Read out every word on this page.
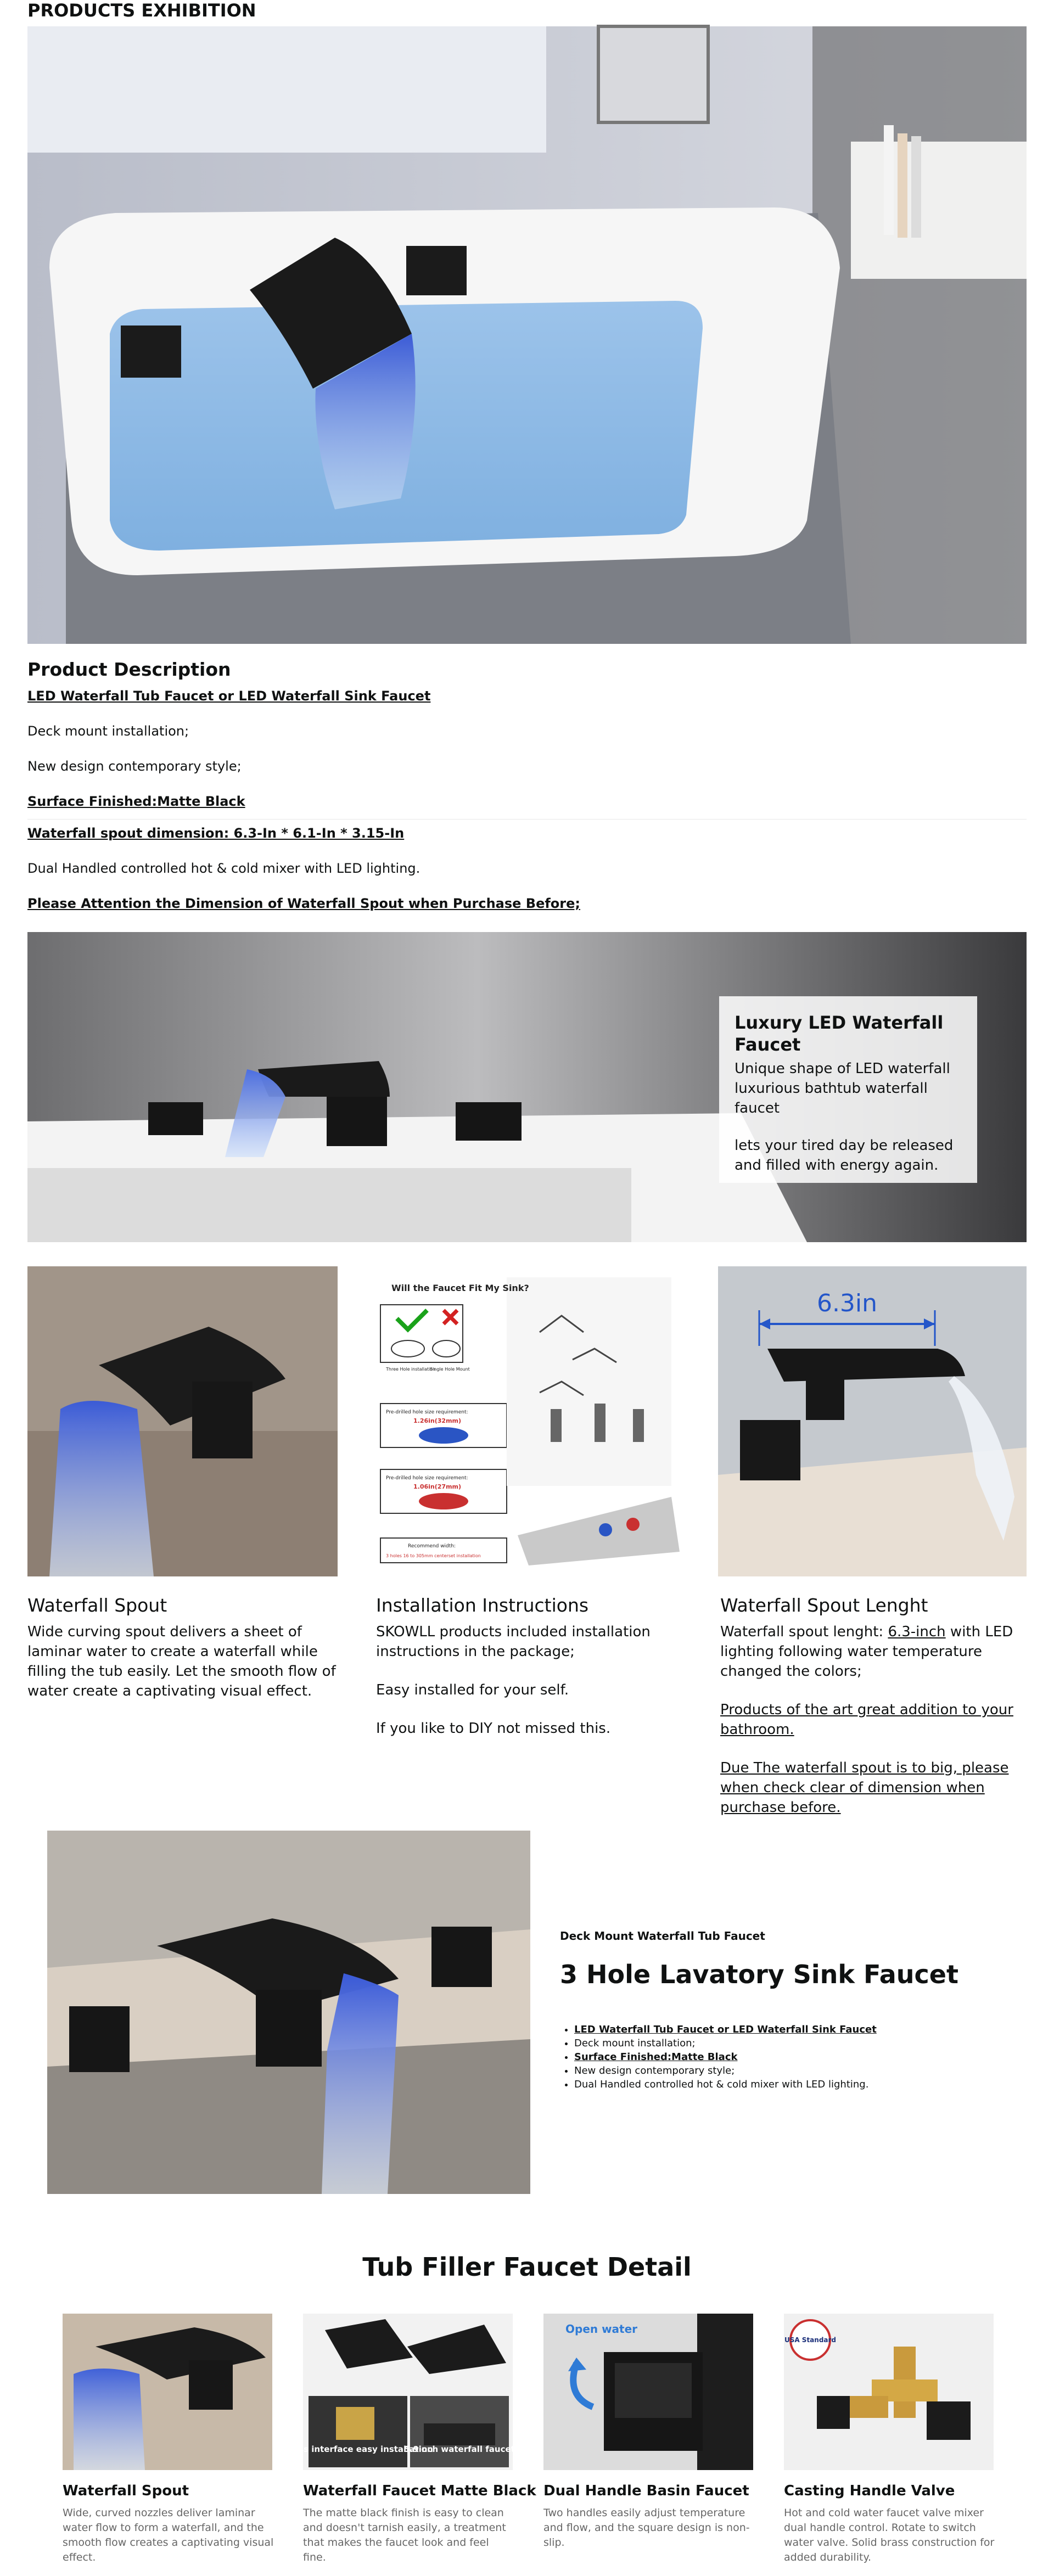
PRODUCTS EXHIBITION
Product Description

LED Waterfall Tub Faucet or LED Waterfall Sink Faucet

Deck mount installation;

New design contemporary style;

Surface Finished:Matte Black

Waterfall spout dimension: 6.3-In * 6.1-In * 3.15-In

Dual Handled controlled hot & cold mixer with LED lighting.

Please Attention the Dimension of Waterfall Spout when Purchase Before;

Luxury LED Waterfall Faucet

Unique shape of LED waterfall luxurious bathtub waterfall faucet

lets your tired day be released and filled with energy again.

Will the Faucet Fit My Sink?
Three Hole installation
Single Hole Mount
Pre-drilled hole size requirement:
1.26in(32mm)
Pre-drilled hole size requirement:
1.06in(27mm)
Recommend width:
3 holes 16 to 305mm centerset installation
6.3in
Waterfall Spout

Wide curving spout delivers a sheet of laminar water to create a waterfall while filling the tub easily. Let the smooth flow of water create a captivating visual effect.

Installation Instructions

SKOWLL products included installation instructions in the package;

Easy installed for your self.

If you like to DIY not missed this.

Waterfall Spout Lenght

Waterfall spout lenght: 6.3-inch with LED lighting following water temperature changed the colors;

Products of the art great addition to your bathroom.

Due The waterfall spout is to big, please when check clear of dimension when purchase before.

Deck Mount Waterfall Tub Faucet
3 Hole Lavatory Sink Faucet
• LED Waterfall Tub Faucet or LED Waterfall Sink Faucet
• Deck mount installation;
• Surface Finished:Matte Black
• New design contemporary style;
• Dual Handled controlled hot & cold mixer with LED lighting.
Tub Filler Faucet Detail
Brass interface easy installation
5.9inch waterfall faucet
Open water
USA Standard
Waterfall Spout
Wide, curved nozzles deliver laminar water flow to form a waterfall, and the smooth flow creates a captivating visual effect.
Waterfall Faucet Matte Black
The matte black finish is easy to clean and doesn't tarnish easily, a treatment that makes the faucet look and feel fine.
Dual Handle Basin Faucet
Two handles easily adjust temperature and flow, and the square design is non-slip.
Casting Handle Valve
Hot and cold water faucet valve mixer dual handle control. Rotate to switch water valve. Solid brass construction for added durability.
